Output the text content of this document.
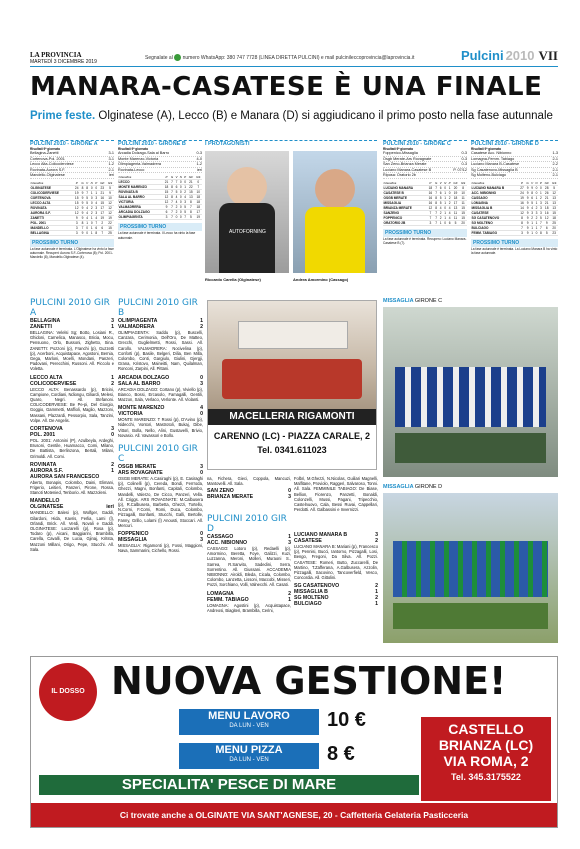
LA PROVINCIA
MARTEDÌ 3 DICEMBRE 2019
Segnalate al numero WhatsApp: 380 747 7728 (LINEA DIRETTA PULCINI) e mail pulcinileccoprovincia@laprovincia.it	Pulcini 2010 VII
MANARA-CASATESE È UNA FINALE
Prime feste. Olginatese (A), Lecco (B) e Manara (D) si aggiudicano il primo posto nella fase autunnale
PULCINI 2010 - GIRONE A
Risultati 9ª giornata
Bellagina-Zanetti	3-1
Cortenova-Pol. 2001	3-1
Lecco Alta-Colicoderviese	1-2
Rovinata-Aurora S.F.	2-1
Mandello-Olginatese	ieri
Classifica	P	G	V	N	P	GF	GS
OLGINATESE	24	8	8	0	0	23	5
COLICODERVIESE	19	9	7	1	1	21	9
CORTENOVA	15	9	5	0	3	16	10
LECCO ALTA	15	9	5	0	4	15	12
ROVINATA	12	9	4	2	3	17	12
AURORA S.F.	12	9	4	2	3	17	12
ZANETTI	9	9	4	1	4	19	19
POL. 2001	3	8	1	0	7	2	22
MANDELLO	3	7	0	1	6	6	15
BELLAGINA	3	9	0	1	8	7	25
PROSSIMO TURNO
La fase autunnale è terminata. L'Olginatese ha vinto la fase autunnale. Recuperi: Aurora S.F.-Cortenova (8); Pol. 2001-Mandello (8), Mandello-Olginatese (4).
PULCINI 2010 - GIRONE B
Risultati 9ª giornata
Arcadia Dolzago-Sala al Barro	0-3
Monte Marenzo-Victoria	4-0
Olimpiagenta-Valmadrera	1-2
Rovinata-Lecco	ieri
Classifica	P	G	V	N	P	GF	GS
LECCO	21	7	7	0	0	21	0
MONTE MARENZO	18	8	6	0	1	22	7
ROVINATA B	15	7	5	0	2	15	10
SALA AL BARRO	12	8	4	0	4	13	18
VICTORIA	12	7	4	0	3	8	18
VALMADRERA	9	7	2	0	5	7	18
ARCADIA DOLZAGO	6	7	2	0	5	8	17
OLIMPIAGENTA	3	7	0	0	7	5	19
PROSSIMO TURNO
La fase autunnale è terminata. Il Lecco ha vinto la fase autunnale.
I PROTAGONISTI
AUTOFORNING
Riccardo Carella (Olginatese)	Andrea Amormino (Cassago)
PULCINI 2010 - GIRONE C
Risultati 9ª giornata
Foppenico-Missaglia	0-3
Osgb Merate-Ars Rovagnate	0-3
San Zeno-Brianza Merate	0-3
Luciano Manara-Casatese B	P. 07/12
Riposa: Oratorio 2b
Classifica	P	G	V	N	P	GF	GS
LUCIANO MANARA	18	7	6	0	1	20	8
CASATESE B	16	7	6	1	0	19	10
OSGB MERATE	16	8	5	1	2	18	11
MISSAGLIA	16	8	5	1	2	17	11
BRIANZA MERATE	12	8	4	0	4	13	15
SANZENO	7	7	2	1	4	11	15
FOPPENICO	7	7	2	1	4	11	15
ORATORIO 2B	3	7	1	0	6	5	20
PROSSIMO TURNO
La fase autunnale è terminata. Recupero: Luciano Manara-Casatese B (7).
PULCINI 2010 - GIRONE D
Risultati 9ª giornata
Casatese Acc. Nibionno	1-3
Lomagna-Femm. Tabiago	2-1
Luciano Manara B-Casatese	2-2
Sg Casatenovo-Missaglia B	2-1
Sg Molteno-Bulciago	2-1
Classifica	P	G	V	N	P	GF	GS
LUCIANO MANARA B	27	9	9	0	0	28	5
ACC. NIBIONNO	24	9	8	0	1	26	12
CASSAGO	19	9	6	1	2	21	13
LOMAGNA	16	9	5	1	3	21	13
MISSAGLIA B	14	9	4	2	3	18	13
CASATESE	12	9	3	3	3	16	15
SG CASATENOVO	8	9	2	2	5	12	18
SG MOLTENO	8	9	1	1	7	9	25
BULCIAGO	7	9	1	1	7	6	20
FEMM. TABIAGO	3	9	1	0	8	5	23
PROSSIMO TURNO
La fase autunnale è terminata. La Luciano Manara B ha vinto la fase autunnale.
PULCINI 2010 GIR A
BELLAGINA	3
ZANETTI	1
BELLAGINA: Velelsi Sg; Botto, Losiani R., Ghidoni, Carnelica, Manasco, Bricia, Mocu, Pensuono, Orlo, Bussoni, Zighetto, Sina. ZANETTI: Pozzoni (p), Franchi (p), Guzzetti (p), Acerboni, Acquistapace, Agostoni, Bernia, Gega, Marloni, Moelli, Mondani, Panzeri, Padovani, Perecchini, Russoni. All. Piccolo e Voletta.
LECCO ALTA	1
COLICODERVIESE	2
LECCO ALTA: Benassardo (p), Bricini, Campione, Cordiani, Ndiongu, Giliardi, Melesi, Quaro, Negri. All. Stefanoni. COLICODERVIESE: Be Pe-pi, Del Giorgio, Goggio, Gammetti, Maffioli, Maglio, Mazzoni, Massani, Plazzardi, Pessorpio, Sala, Tanzini, Volpe. All. De Angelis.
CORTENOVA	3
POL. 2001	0
POL. 2001: Antonini (P), Azulbeyla, Ardeghi, Brusoni, Gentile, Huarnacco, Comi, Milano, De Battista, Berlinzona, Bertali, Milani, Grimoldi. All. Comi.
ROVINATA	2
AURORA S.F.	1
AURORA SAN FRANCESCO
Aberto, Bonapis, Colombo, Daini, Elimani, Frigerio, Leitieri, Panzeri, Pirone, Rossa, Stanoti Motenied, Tenborio. All. Mazzoleni.
MANDELLO
OLGINATESE	ieri
MANDELLO: Balesi (p), Wolfger, Gaddi, Gilardoni, Hida, Kavris, Ferlia, Lami (l), Orlandi, Brick. All. Verdi, Novali e Gaddi. OLGINATESE: Loczarelli (p), Rosa (p), Todaro (p), Aicani, Baggiarini, Brambilla, Carella, Cavalli, De Lucia, Gjinaj, Kritsta, Mazzoni Millani, Origo, Pepe, Stucchi. All. Sala.
PULCINI 2010 GIR B
OLIMPIAGENTA	1
VALMADRERA	2
OLIMPIAGENTA: Saddu (p), Buscelli, Canzara, Cerimonia, Dell'Oro, De Matteo, Grecchi, Guglielmetti, Rossi, Sassi. All. Carollo. VALMADRERA: Nocivelina (p), Conforti (p), Basile, Belgeri, Dilia, Ben Milla, Colombo, Conti, Gargiulo, Giulini, Gjergji, Grana, Kristovo, Maineitti, Nam, Quilalman, Ronconi, Zarpini, All. Pittani.
ARCADIA DOLZAGO	0
SALA AL BARRO	3
ARCADIA DOLZAGO: Cortano (p), Viviello (p), Bianco, Bossi, Ercasolo, Famagalli, Gentili, Mazzon, Sala, Verlaco, Verlonte. All. Violanti.
MONTE MARENZO	4
VICTORIA	0
MONTE MARENZO: T Rossi (p), D'Avino (p), Nidecchi, Vontori, Mastrotoli, Bukaj, Dibe, Vittori, Bolla, Nello, Alini, Gustavelli, Brivio, Novasio. All. Vavassori e Bollo.
PULCINI 2010 GIR C
OSGB MERATE	3
ARS ROVAGNATE	0
OSGB MERATE: A.Casiraghi (p), E. Casiraghi (p), Colinelli (p), Cereda, Bondi, Ferrroda, Ghezzi, Magni, Bonfanti, Capitali, Colombo, Mandelli, Valerzo, De Cicco, Panzeri, Vella. All. Criggs. ARS ROVAGNATE: M.Calbusera (p), R.Calbusera, Barbetta, Ghezzi, Tortello, N.Corni, F.Corni, Romi, Duca, Colombo, Pizzagalli, Bonfanti, Stucchi, Galli, Bertolle, Fanny, Grillo, Lolami (l) Anousti, Stoccari. All. Mercuri.
FOPPENICO	0
MISSAGLIA	3
MISSAGLIA: Rigamonti (p), Fossi, Maggioni, Nava, Sammarini, Cichello, Rossi.
MACELLERIA RIGAMONTI
CARENNO (LC) - PIAZZA CARALE, 2
Tel. 0341.611023
na, Fichera, Gieci, Coppola, Mancuzi, Mantovelli. All. Sala.
SAN ZENO	0
BRIANZA MERATE	3
Folbri, M.Ghezzi, N.Nicolas, Guiliari Magnelli, Malfitane, Proviolo, Raggeri, Salvaroso, Tonni. All. Sala. FEMMINILE TABIAGO: De Biase, Bellion, Fiorenzo, Panzetti, Bonaldi, Colonzelli, Mussi, Pagani, Tripecchio, Castelnuovo, Cala, Bessi Ruvai, Cappellari, Perdotti. All. Galbassini e Invernizzi.
PULCINI 2010 GIR D
CASSAGO	1
ACC. NIBIONNO	3
CASSAGO: Lotoro (p), Redaelli (p), Amormino, Beretta, Foye, Galizzi, Kuzi, Luzzanna, Meroni, Molleri, Muraoni S., Sarrea, R.Sanvito, Sadedini, Serra, Sorrentino. All. Giussani. ACCADEMIA NIBIONNO: Airoldi, Bleda, Cicala, Colombo, Colombo, Lanzetta, Lissoni, Maccobi, Misseri, Pozzi, Sorchiano, Volli, Valnecchi. All. Casati.
LOMAGNA	2
FEMM. TABIAGO	1
LOMAGNA: Agostini (p), Acquistapace, Andreosi, Biagiteri, Brambilla, Cerini,
LUCIANO MANARA B	3
CASATESE	2
LUCIANO MANARA B: Mariani (p), Francesco (p), Pennisi, Bucci, Iantorno, Pizzagalli, Losi, Bengo, Fregoni, Da Silva. All. Pozzi. CASATESE: Romeri, Butto, Zuccarelli, De Martino, T.Zafferana, A.Galbusera, Azzolin, Pizzagalli, Sacovino, Tancoverfield, Vesco, Concordia. All. Gittolini.
SG CASATENOVO	2
MISSAGLIA B	1
SG MOLTENO	2
BULCIAGO	1
MISSAGLIA GIRONE C
MISSAGLIA GIRONE D
IL DOSSO NUOVA GESTIONE!
MENU LAVORO
DA LUN - VEN	10 €
MENU PIZZA
DA LUN - VEN	8 €
CASTELLO
BRIANZA (LC)
VIA ROMA, 2
Tel. 345.3175522
SPECIALITA' PESCE DI MARE
Ci trovate anche a OLGINATE VIA SANT'AGNESE, 20 - Caffetteria Gelateria Pasticceria
